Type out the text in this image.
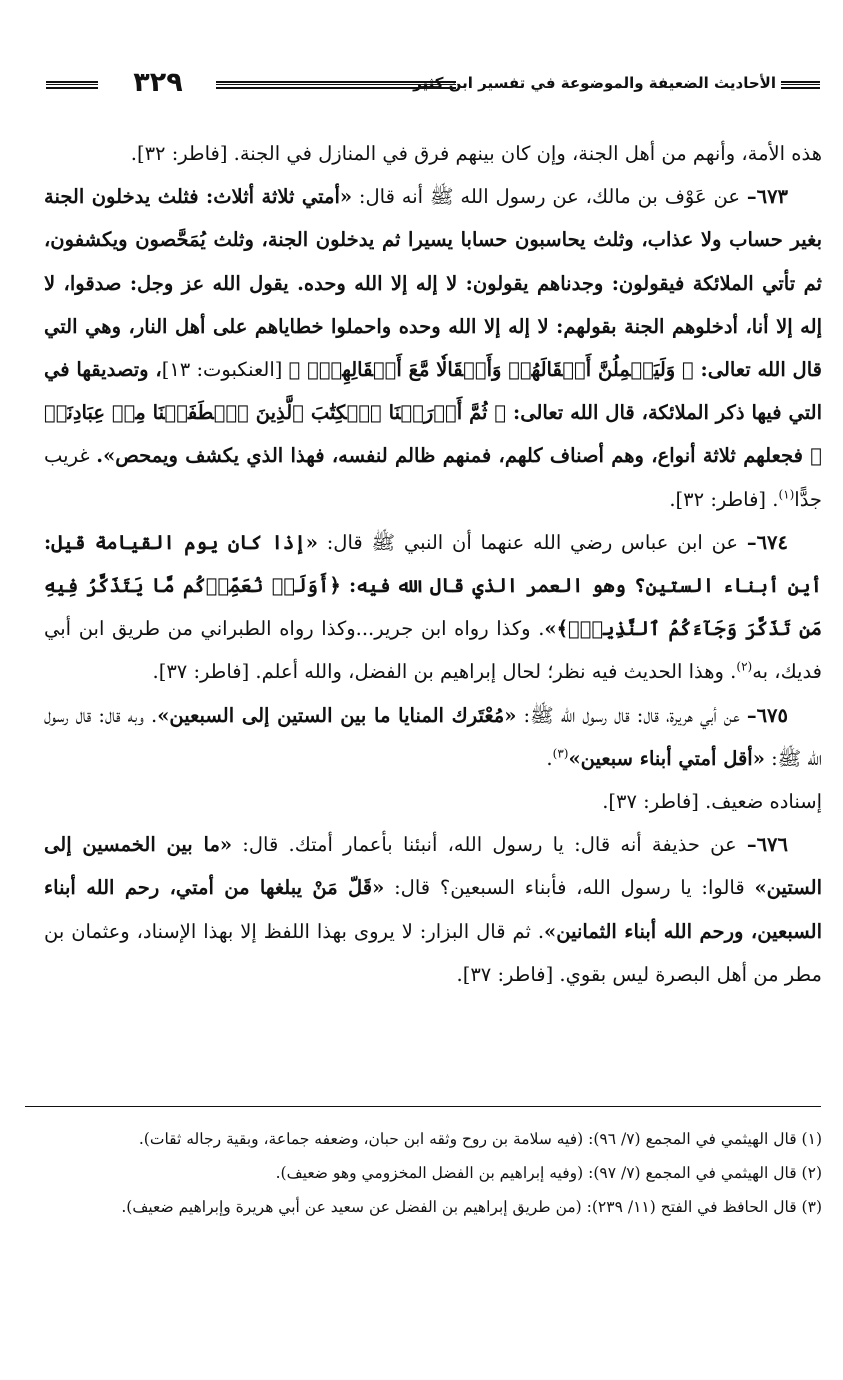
٣٢٩	الأحاديث الضعيفة والموضوعة في تفسير ابن كثير

هذه الأمة، وأنهم من أهل الجنة، وإن كان بينهم فرق في المنازل في الجنة. [فاطر: ٣٢].

٦٧٣– عن عَوْف بن مالك، عن رسول الله ﷺ أنه قال: «أمتي ثلاثة أثلاث: فثلث يدخلون الجنة بغير حساب ولا عذاب، وثلث يحاسبون حسابا يسيرا ثم يدخلون الجنة، وثلث يُمَحَّصون ويكشفون، ثم تأتي الملائكة فيقولون: وجدناهم يقولون: لا إله إلا الله وحده. يقول الله عز وجل: صدقوا، لا إله إلا أنا، أدخلوهم الجنة بقولهم: لا إله إلا الله وحده واحملوا خطاياهم على أهل النار، وهي التي قال الله تعالى: ﴿ وَلَيَحۡمِلُنَّ أَثۡقَالَهُمۡ وَأَثۡقَالٗا مَّعَ أَثۡقَالِهِمۡۖ ﴾ [العنكبوت: ١٣]، وتصديقها في التي فيها ذكر الملائكة، قال الله تعالى: ﴿ ثُمَّ أَوۡرَثۡنَا ٱلۡكِتَٰبَ ٱلَّذِينَ ٱصۡطَفَيۡنَا مِنۡ عِبَادِنَاۖ ﴾ فجعلهم ثلاثة أنواع، وهم أصناف كلهم، فمنهم ظالم لنفسه، فهذا الذي يكشف ويمحص». غريب جدًّا$^{(١)}$. [فاطر: ٣٢].

٦٧٤– عن ابن عباس رضي الله عنهما أن النبي ﷺ قال: «إذا كان يوم القيامة قيل: أين أبناء الستين؟ وهو العمر الذي قال الله فيه: ﴿أَوَلَمۡ نُعَمِّرۡكُم مَّا يَتَذَكَّرُ فِيهِ مَن تَذَكَّرَ وَجَآءَكُمُ ٱلنَّذِيرُۖ﴾». وكذا رواه ابن جرير...وكذا رواه الطبراني من طريق ابن أبي فديك، به$^{(٢)}$. وهذا الحديث فيه نظر؛ لحال إبراهيم بن الفضل، والله أعلم. [فاطر: ٣٧].

٦٧٥– عن أبي هريرة، قال: قال رسول الله ﷺ: «مُعْتَرك المنايا ما بين الستين إلى السبعين». وبه قال: قال رسول الله ﷺ: «أقل أمتي أبناء سبعين»$^{(٣)}$.

إسناده ضعيف. [فاطر: ٣٧].

٦٧٦– عن حذيفة أنه قال: يا رسول الله، أنبئنا بأعمار أمتك. قال: «ما بين الخمسين إلى الستين» قالوا: يا رسول الله، فأبناء السبعين؟ قال: «قَلّ مَنْ يبلغها من أمتي، رحم الله أبناء السبعين، ورحم الله أبناء الثمانين». ثم قال البزار: لا يروى بهذا اللفظ إلا بهذا الإسناد، وعثمان بن مطر من أهل البصرة ليس بقوي. [فاطر: ٣٧].

(١) قال الهيثمي في المجمع (٧/ ٩٦): (فيه سلامة بن روح وثقه ابن حبان، وضعفه جماعة، وبقية رجاله ثقات).

(٢) قال الهيثمي في المجمع (٧/ ٩٧): (وفيه إبراهيم بن الفضل المخزومي وهو ضعيف).

(٣) قال الحافظ في الفتح (١١/ ٢٣٩): (من طريق إبراهيم بن الفضل عن سعيد عن أبي هريرة وإبراهيم ضعيف).
